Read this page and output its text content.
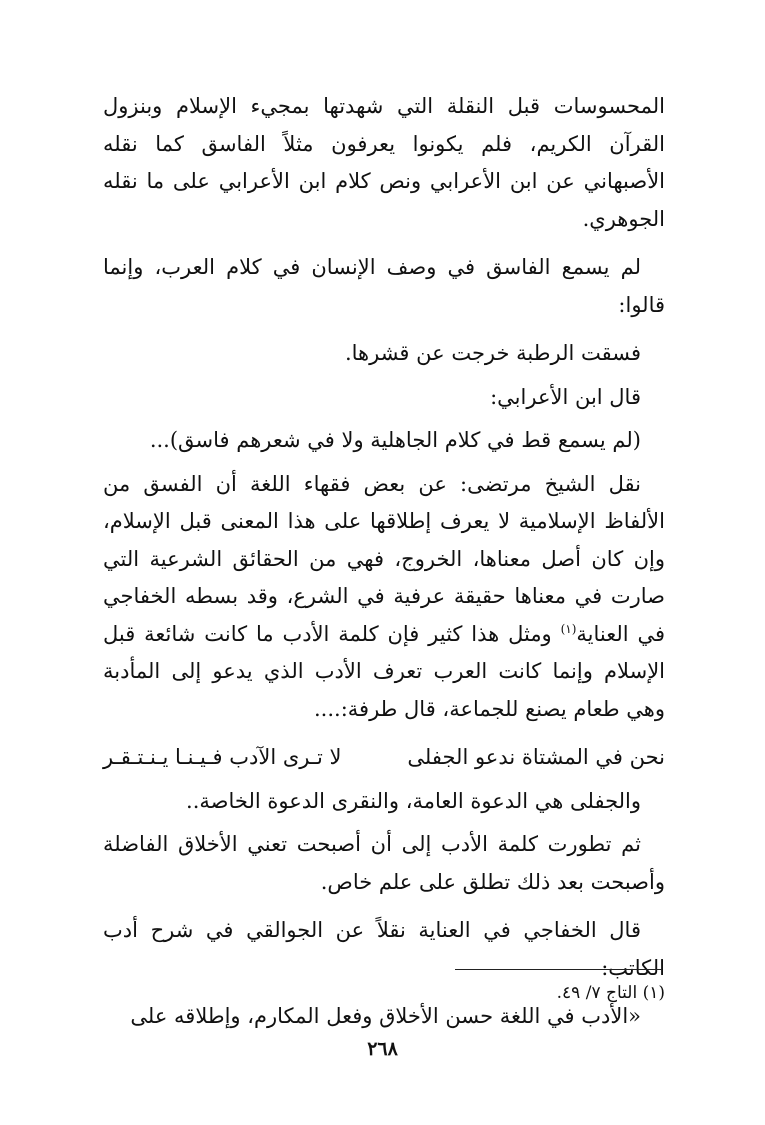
المحسوسات قبل النقلة التي شهدتها بمجيء الإسلام وبنزول القرآن الكريم، فلم يكونوا يعرفون مثلاً الفاسق كما نقله الأصبهاني عن ابن الأعرابي ونص كلام ابن الأعرابي على ما نقله الجوهري.

لم يسمع الفاسق في وصف الإنسان في كلام العرب، وإنما قالوا:

فسقت الرطبة خرجت عن قشرها.

قال ابن الأعرابي:

(لم يسمع قط في كلام الجاهلية ولا في شعرهم فاسق)...

نقل الشيخ مرتضى: عن بعض فقهاء اللغة أن الفسق من الألفاظ الإسلامية لا يعرف إطلاقها على هذا المعنى قبل الإسلام، وإن كان أصل معناها، الخروج، فهي من الحقائق الشرعية التي صارت في معناها حقيقة عرفية في الشرع، وقد بسطه الخفاجي في العناية$^{(١)}$ ومثل هذا كثير فإن كلمة الأدب ما كانت شائعة قبل الإسلام وإنما كانت العرب تعرف الأدب الذي يدعو إلى المأدبة وهي طعام يصنع للجماعة، قال طرفة:....

نحن في المشتاة ندعو الجفلى
لا تـرى الآدب فـيـنـا يـنـتـقـر

والجفلى هي الدعوة العامة، والنقرى الدعوة الخاصة..

ثم تطورت كلمة الأدب إلى أن أصبحت تعني الأخلاق الفاضلة وأصبحت بعد ذلك تطلق على علم خاص.

قال الخفاجي في العناية نقلاً عن الجوالقي في شرح أدب الكاتب:

«الأدب في اللغة حسن الأخلاق وفعل المكارم، وإطلاقه على

(١) التاج ٧/ ٤٩.
٢٦٨
